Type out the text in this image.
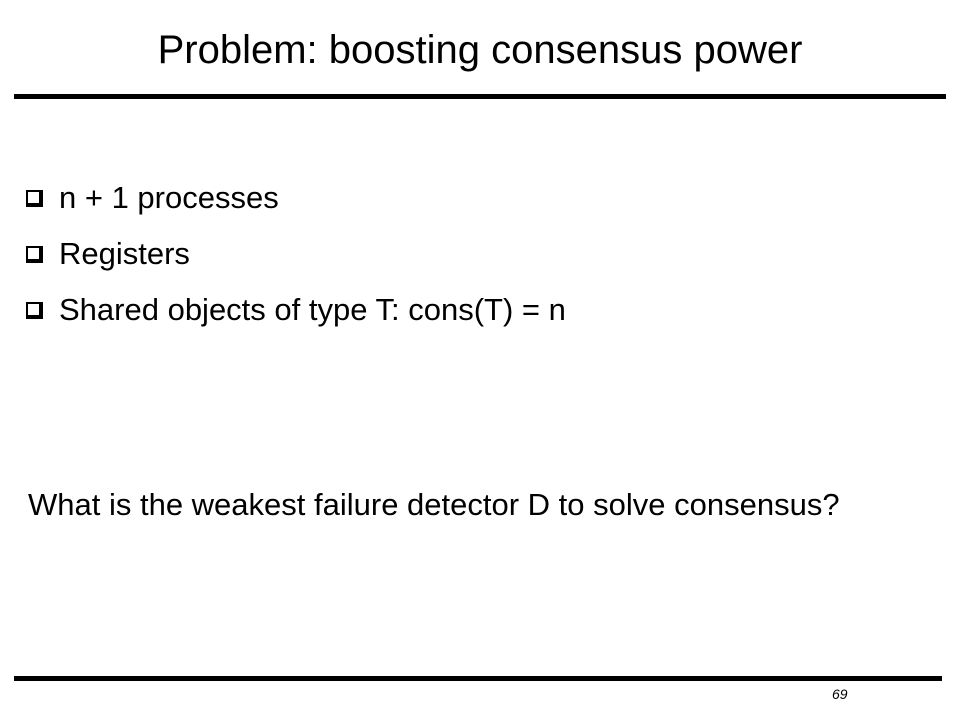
Problem: boosting consensus power
n + 1 processes
Registers
Shared objects of type T: cons(T) = n

What is the weakest failure detector D to solve consensus?

69
